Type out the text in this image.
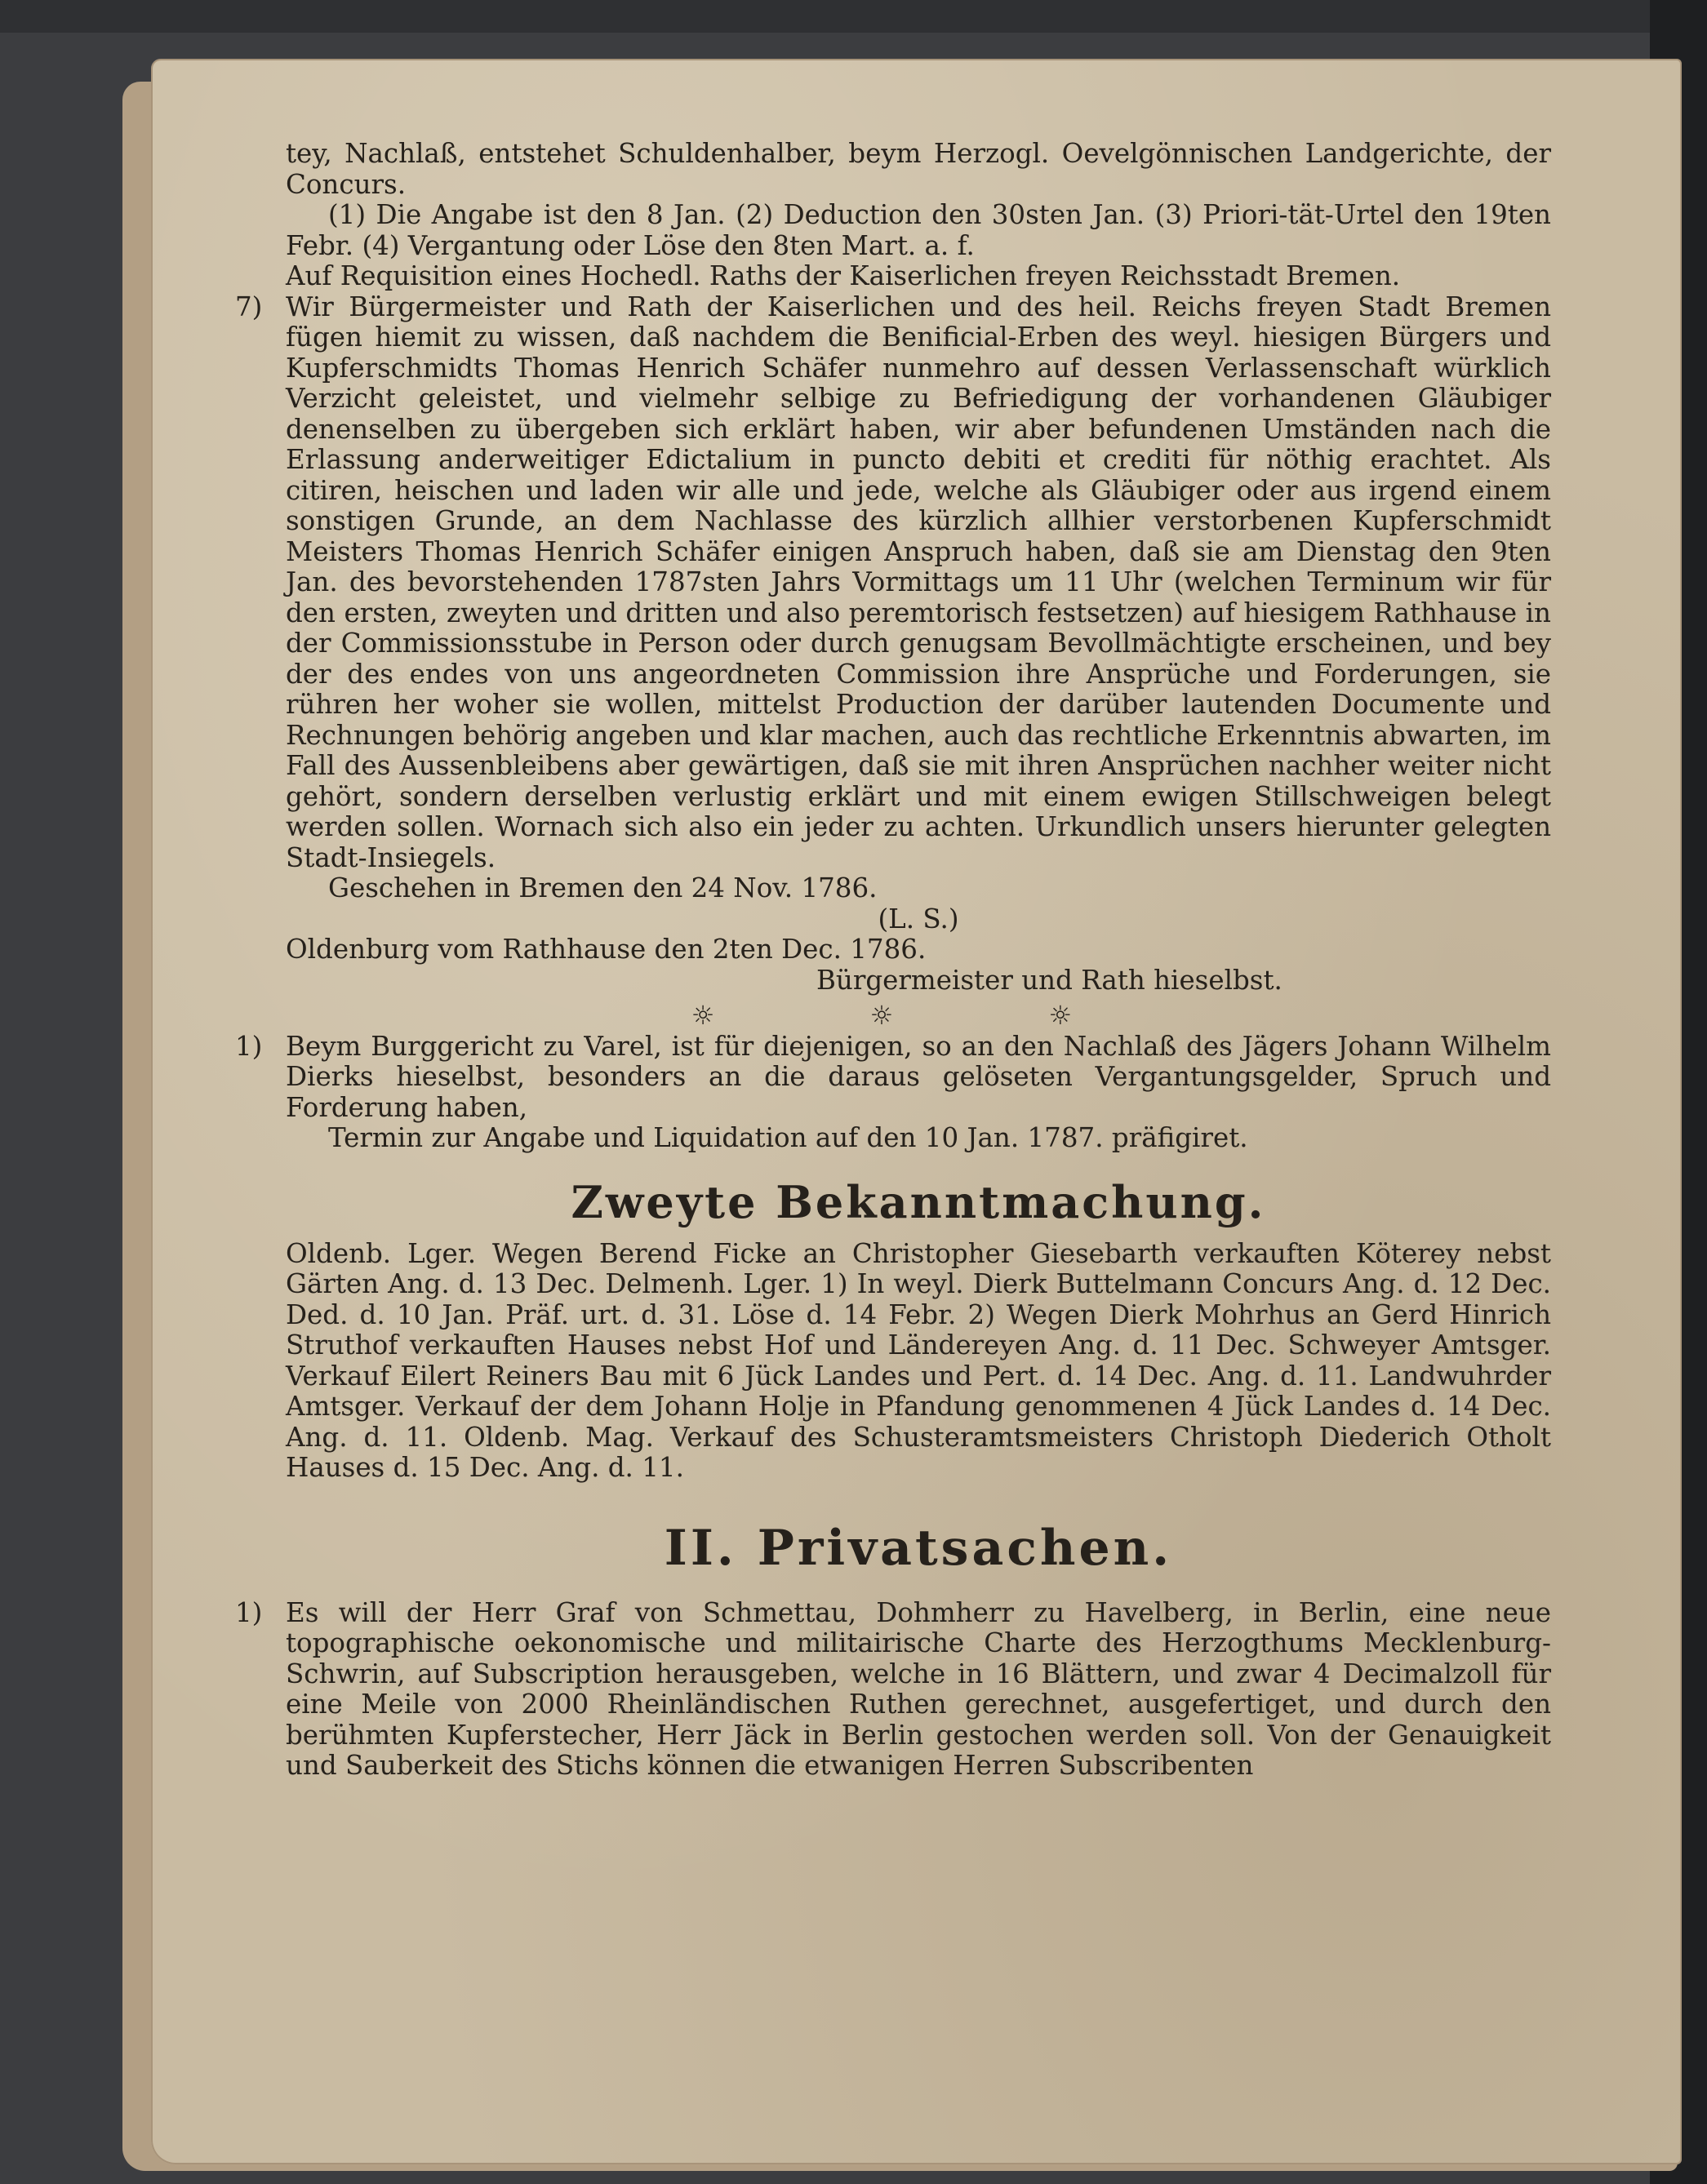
tey, Nachlaß, entstehet Schuldenhalber, beym Herzogl. Oevelgönnischen Landgerichte, der Concurs.

(1) Die Angabe ist den 8 Jan. (2) Deduction den 30sten Jan. (3) Priori-tät-Urtel den 19ten Febr. (4) Vergantung oder Löse den 8ten Mart. a. f.

Auf Requisition eines Hochedl. Raths der Kaiserlichen freyen Reichsstadt Bremen.

7) Wir Bürgermeister und Rath der Kaiserlichen und des heil. Reichs freyen Stadt Bremen fügen hiemit zu wissen, daß nachdem die Benificial-Erben des weyl. hiesigen Bürgers und Kupferschmidts Thomas Henrich Schäfer nunmehro auf dessen Verlassenschaft würklich Verzicht geleistet, und vielmehr selbige zu Befriedigung der vorhandenen Gläubiger denenselben zu übergeben sich erklärt haben, wir aber befundenen Umständen nach die Erlassung anderweitiger Edictalium in puncto debiti et crediti für nöthig erachtet. Als citiren, heischen und laden wir alle und jede, welche als Gläubiger oder aus irgend einem sonstigen Grunde, an dem Nachlasse des kürzlich allhier verstorbenen Kupferschmidt Meisters Thomas Henrich Schäfer einigen Anspruch haben, daß sie am Dienstag den 9ten Jan. des bevorstehenden 1787sten Jahrs Vormittags um 11 Uhr (welchen Terminum wir für den ersten, zweyten und dritten und also peremtorisch festsetzen) auf hiesigem Rathhause in der Commissionsstube in Person oder durch genugsam Bevollmächtigte erscheinen, und bey der des endes von uns angeordneten Commission ihre Ansprüche und Forderungen, sie rühren her woher sie wollen, mittelst Production der darüber lautenden Documente und Rechnungen behörig angeben und klar machen, auch das rechtliche Erkenntnis abwarten, im Fall des Aussenbleibens aber gewärtigen, daß sie mit ihren Ansprüchen nachher weiter nicht gehört, sondern derselben verlustig erklärt und mit einem ewigen Stillschweigen belegt werden sollen. Wornach sich also ein jeder zu achten. Urkundlich unsers hierunter gelegten Stadt-Insiegels.

Geschehen in Bremen den 24 Nov. 1786.

(L. S.)

Oldenburg vom Rathhause den 2ten Dec. 1786.

Bürgermeister und Rath hieselbst.

☼ ☼ ☼

1) Beym Burggericht zu Varel, ist für diejenigen, so an den Nachlaß des Jägers Johann Wilhelm Dierks hieselbst, besonders an die daraus gelöseten Vergantungsgelder, Spruch und Forderung haben,

Termin zur Angabe und Liquidation auf den 10 Jan. 1787. präfigiret.

Zweyte Bekanntmachung.

Oldenb. Lger. Wegen Berend Ficke an Christopher Giesebarth verkauften Köterey nebst Gärten Ang. d. 13 Dec. Delmenh. Lger. 1) In weyl. Dierk Buttelmann Concurs Ang. d. 12 Dec. Ded. d. 10 Jan. Präf. urt. d. 31. Löse d. 14 Febr. 2) Wegen Dierk Mohrhus an Gerd Hinrich Struthof verkauften Hauses nebst Hof und Ländereyen Ang. d. 11 Dec. Schweyer Amtsger. Verkauf Eilert Reiners Bau mit 6 Jück Landes und Pert. d. 14 Dec. Ang. d. 11. Landwuhrder Amtsger. Verkauf der dem Johann Holje in Pfandung genommenen 4 Jück Landes d. 14 Dec. Ang. d. 11. Oldenb. Mag. Verkauf des Schusteramtsmeisters Christoph Diederich Otholt Hauses d. 15 Dec. Ang. d. 11.

II. Privatsachen.

1) Es will der Herr Graf von Schmettau, Dohmherr zu Havelberg, in Berlin, eine neue topographische oekonomische und militairische Charte des Herzogthums Mecklenburg-Schwrin, auf Subscription herausgeben, welche in 16 Blättern, und zwar 4 Decimalzoll für eine Meile von 2000 Rheinländischen Ruthen gerechnet, ausgefertiget, und durch den berühmten Kupferstecher, Herr Jäck in Berlin gestochen werden soll. Von der Genauigkeit und Sauberkeit des Stichs können die etwanigen Herren Subscribenten
